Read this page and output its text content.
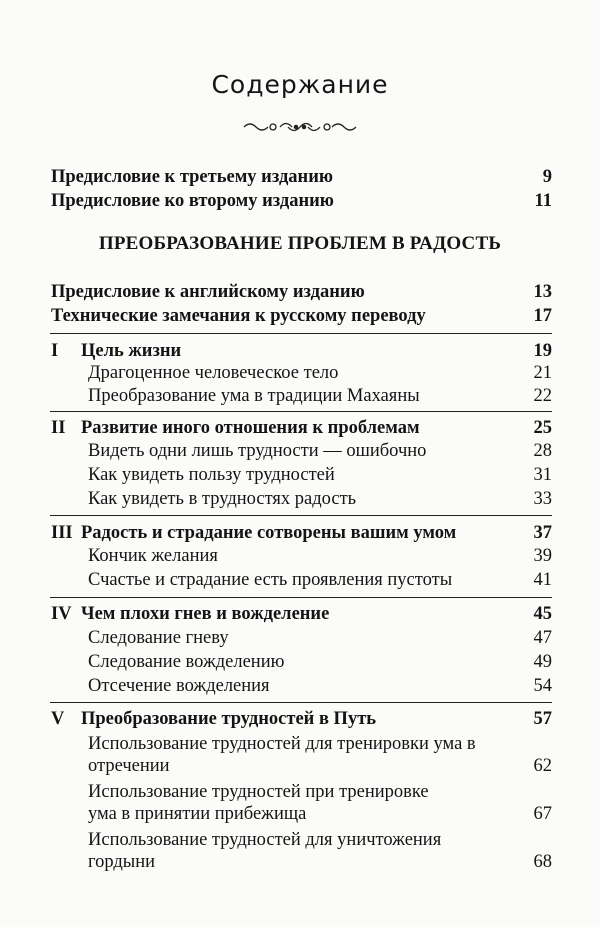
Содержание
Предисловие к третьему изданию	9
Предисловие ко второму изданию	11
ПРЕОБРАЗОВАНИЕ ПРОБЛЕМ В РАДОСТЬ
Предисловие к английскому изданию	13
Технические замечания к русскому переводу	17
I Цель жизни	19
Драгоценное человеческое тело	21
Преобразование ума в традиции Махаяны	22
II Развитие иного отношения к проблемам	25
Видеть одни лишь трудности — ошибочно	28
Как увидеть пользу трудностей	31
Как увидеть в трудностях радость	33
III Радость и страдание сотворены вашим умом	37
Кончик желания	39
Счастье и страдание есть проявления пустоты	41
IV Чем плохи гнев и вожделение	45
Следование гневу	47
Следование вожделению	49
Отсечение вожделения	54
V Преобразование трудностей в Путь	57
Использование трудностей для тренировки ума в
отречении	62
Использование трудностей при тренировке
ума в принятии прибежища	67
Использование трудностей для уничтожения
гордыни	68
